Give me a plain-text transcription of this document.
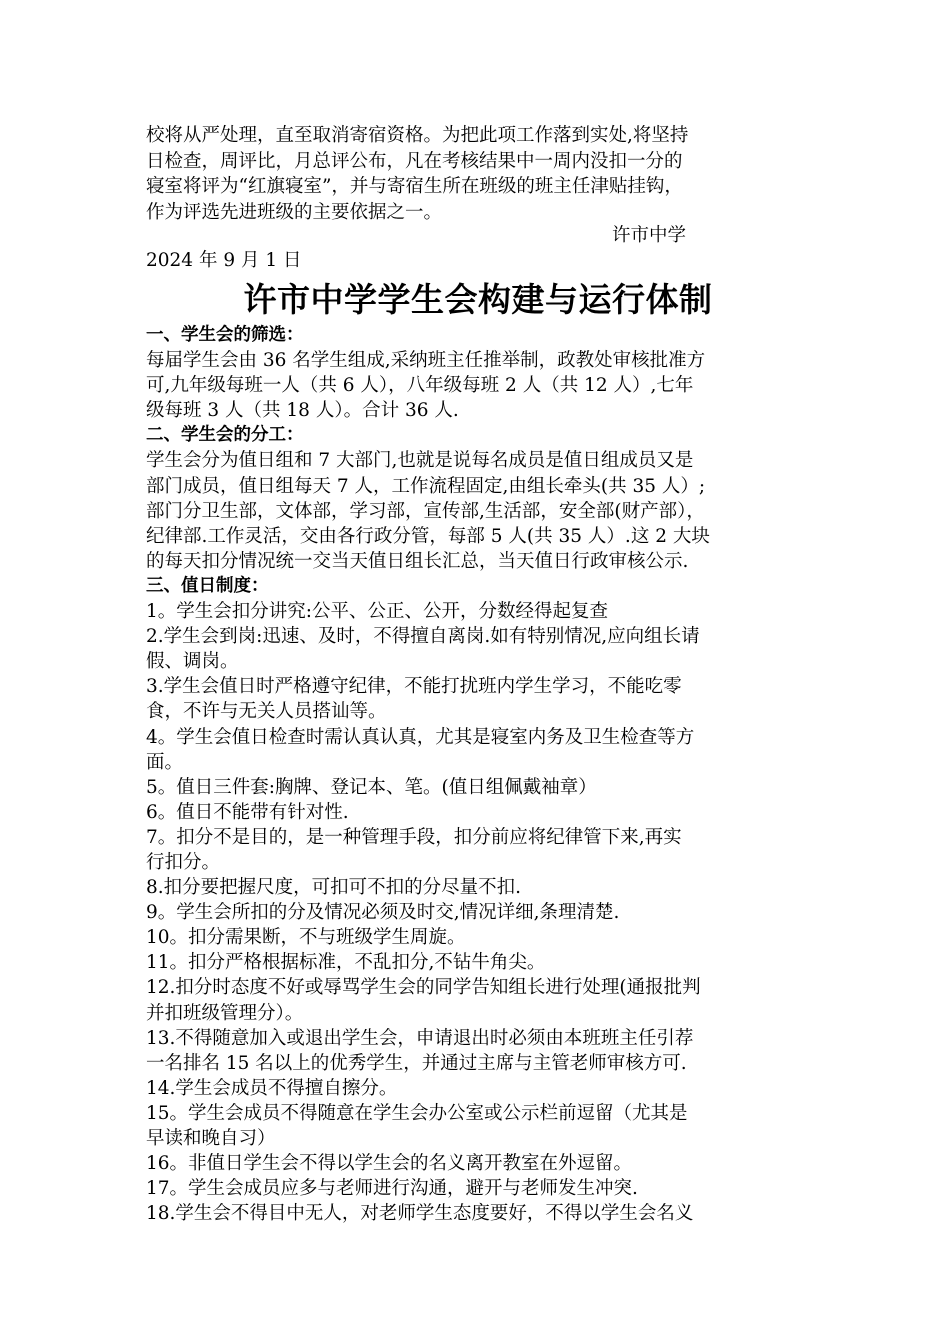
校将从严处理，直至取消寄宿资格。为把此项工作落到实处,将坚持
日检查，周评比，月总评公布，凡在考核结果中一周内没扣一分的
寝室将评为“红旗寝室”，并与寄宿生所在班级的班主任津贴挂钩，
作为评选先进班级的主要依据之一。
许市中学
2024 年 9 月 1 日
许市中学学生会构建与运行体制
一、学生会的筛选：
每届学生会由 36 名学生组成,采纳班主任推举制，政教处审核批准方
可,九年级每班一人（共 6 人），八年级每班 2 人（共 12 人）,七年
级每班 3 人（共 18 人）。合计 36 人.
二、学生会的分工：
学生会分为值日组和 7 大部门,也就是说每名成员是值日组成员又是
部门成员，值日组每天 7 人，工作流程固定,由组长牵头(共 35 人）;
部门分卫生部，文体部，学习部，宣传部,生活部，安全部(财产部），
纪律部.工作灵活，交由各行政分管，每部 5 人(共 35 人）.这 2 大块
的每天扣分情况统一交当天值日组长汇总，当天值日行政审核公示.
三、值日制度：
1。学生会扣分讲究:公平、公正、公开，分数经得起复查
2.学生会到岗:迅速、及时，不得擅自离岗.如有特别情况,应向组长请
假、调岗。
3.学生会值日时严格遵守纪律，不能打扰班内学生学习，不能吃零
食，不许与无关人员搭讪等。
4。学生会值日检查时需认真认真，尤其是寝室内务及卫生检查等方
面。
5。值日三件套:胸牌、登记本、笔。(值日组佩戴袖章）
6。值日不能带有针对性.
7。扣分不是目的，是一种管理手段，扣分前应将纪律管下来,再实
行扣分。
8.扣分要把握尺度，可扣可不扣的分尽量不扣.
9。学生会所扣的分及情况必须及时交,情况详细,条理清楚.
10。扣分需果断，不与班级学生周旋。
11。扣分严格根据标准，不乱扣分,不钻牛角尖。
12.扣分时态度不好或辱骂学生会的同学告知组长进行处理(通报批判
并扣班级管理分）。
13.不得随意加入或退出学生会，申请退出时必须由本班班主任引荐
一名排名 15 名以上的优秀学生，并通过主席与主管老师审核方可.
14.学生会成员不得擅自擦分。
15。学生会成员不得随意在学生会办公室或公示栏前逗留（尤其是
早读和晚自习）
16。非值日学生会不得以学生会的名义离开教室在外逗留。
17。学生会成员应多与老师进行沟通，避开与老师发生冲突.
18.学生会不得目中无人，对老师学生态度要好，不得以学生会名义
